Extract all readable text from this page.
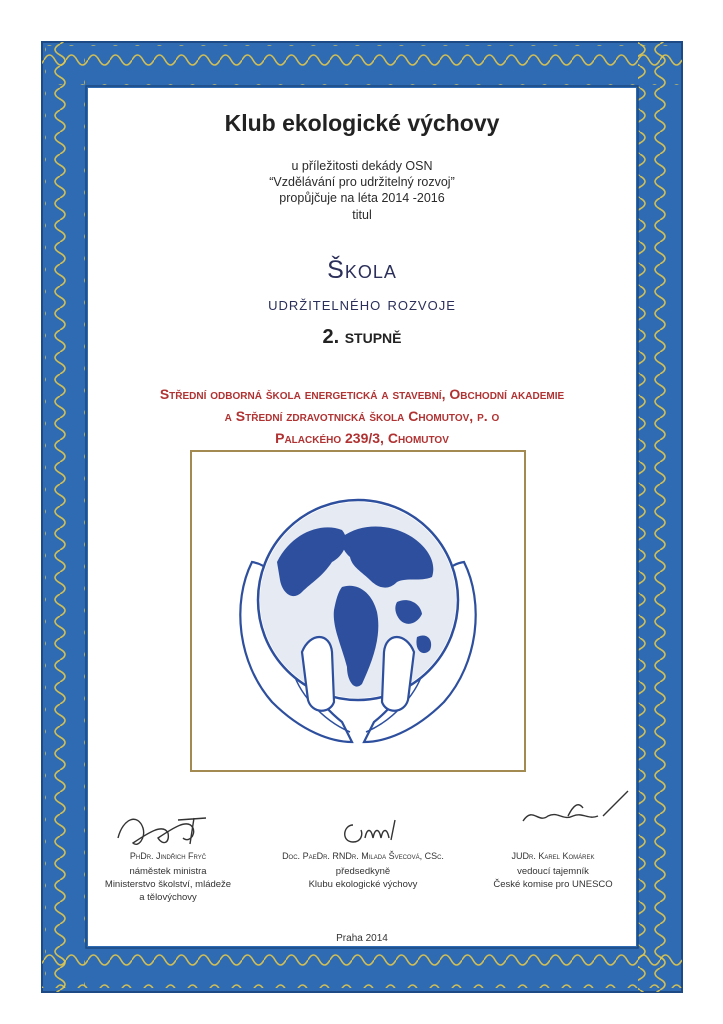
Klub ekologické výchovy
u příležitosti dekády OSN
“Vzdělávání pro udržitelný rozvoj”
propůjčuje na léta 2014 -2016
titul
Škola
udržitelného rozvoje
2. stupně
Střední odborná škola energetická a stavební, Obchodní akademie
a Střední zdravotnická škola Chomutov, p. o
Palackého 239/3, Chomutov
PhDr. Jindřich Fryč
náměstek ministra
Ministerstvo školství, mládeže
a tělovýchovy
Doc. PaeDr. RNDr. Milada Švecová, CSc.
předsedkyně
Klubu ekologické výchovy
JUDr. Karel Komárek
vedoucí tajemník
České komise pro UNESCO
Praha 2014
